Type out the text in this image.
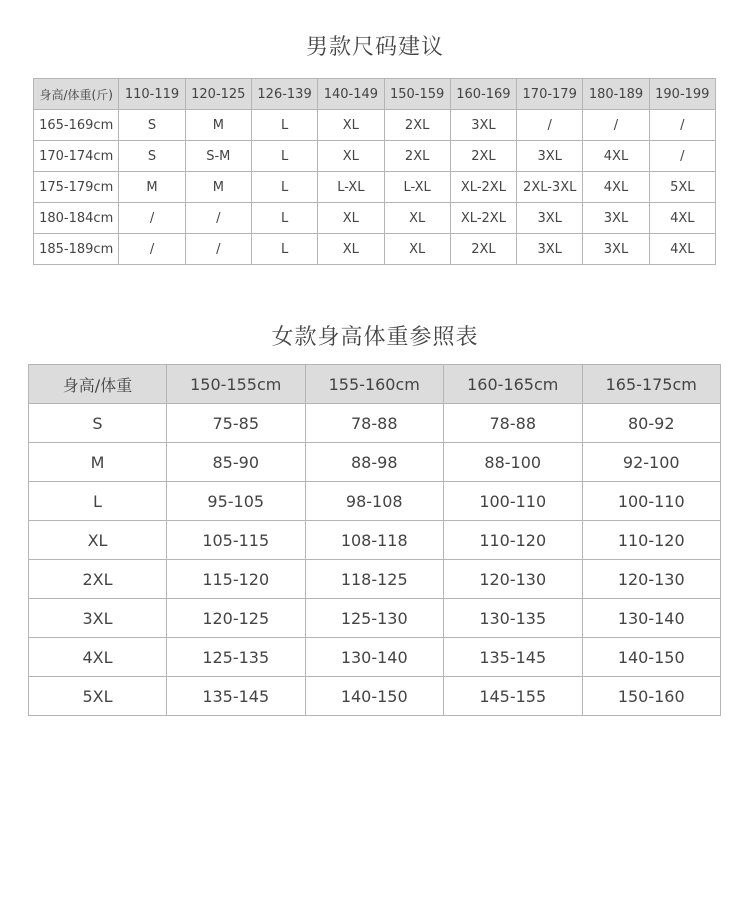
男款尺码建议
身高/体重(斤)	110-119	120-125	126-139	140-149	150-159	160-169	170-179	180-189	190-199
165-169cm	S	M	L	XL	2XL	3XL	/	/	/
170-174cm	S	S-M	L	XL	2XL	2XL	3XL	4XL	/
175-179cm	M	M	L	L-XL	L-XL	XL-2XL	2XL-3XL	4XL	5XL
180-184cm	/	/	L	XL	XL	XL-2XL	3XL	3XL	4XL
185-189cm	/	/	L	XL	XL	2XL	3XL	3XL	4XL
女款身高体重参照表
身高/体重	150-155cm	155-160cm	160-165cm	165-175cm
S	75-85	78-88	78-88	80-92
M	85-90	88-98	88-100	92-100
L	95-105	98-108	100-110	100-110
XL	105-115	108-118	110-120	110-120
2XL	115-120	118-125	120-130	120-130
3XL	120-125	125-130	130-135	130-140
4XL	125-135	130-140	135-145	140-150
5XL	135-145	140-150	145-155	150-160
